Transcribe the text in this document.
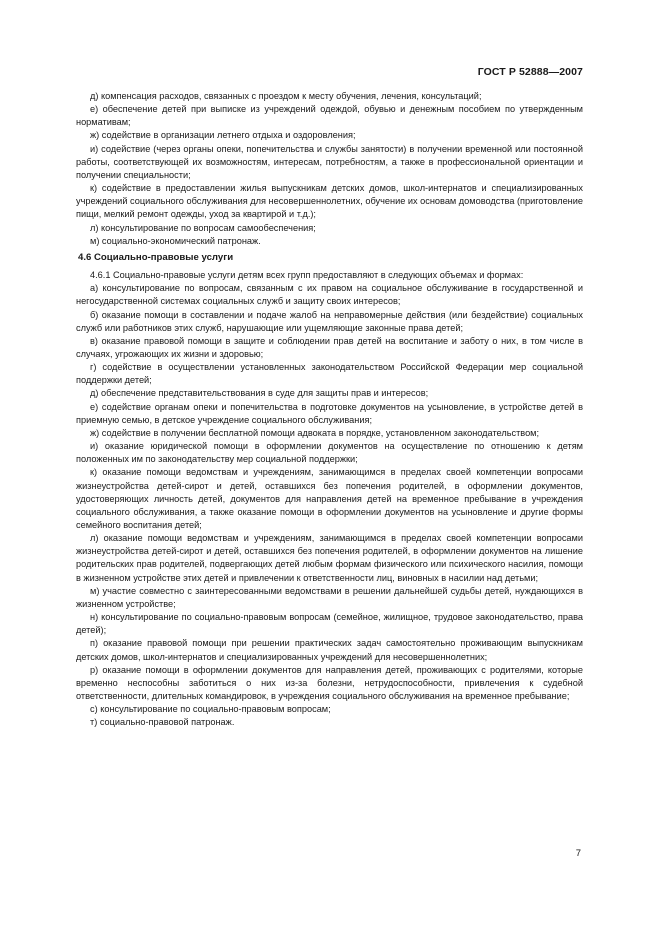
ГОСТ Р 52888—2007

д) компенсация расходов, связанных с проездом к месту обучения, лечения, консультаций;

е) обеспечение детей при выписке из учреждений одеждой, обувью и денежным пособием по утвержденным нормативам;

ж) содействие в организации летнего отдыха и оздоровления;

и) содействие (через органы опеки, попечительства и службы занятости) в получении временной или постоянной работы, соответствующей их возможностям, интересам, потребностям, а также в профессиональной ориентации и получении специальности;

к) содействие в предоставлении жилья выпускникам детских домов, школ-интернатов и специализированных учреждений социального обслуживания для несовершеннолетних, обучение их основам домоводства (приготовление пищи, мелкий ремонт одежды, уход за квартирой и т.д.);

л) консультирование по вопросам самообеспечения;

м) социально-экономический патронаж.

4.6 Социально-правовые услуги

4.6.1 Социально-правовые услуги детям всех групп предоставляют в следующих объемах и формах:

а) консультирование по вопросам, связанным с их правом на социальное обслуживание в государственной и негосударственной системах социальных служб и защиту своих интересов;

б) оказание помощи в составлении и подаче жалоб на неправомерные действия (или бездействие) социальных служб или работников этих служб, нарушающие или ущемляющие законные права детей;

в) оказание правовой помощи в защите и соблюдении прав детей на воспитание и заботу о них, в том числе в случаях, угрожающих их жизни и здоровью;

г) содействие в осуществлении установленных законодательством Российской Федерации мер социальной поддержки детей;

д) обеспечение представительствования в суде для защиты прав и интересов;

е) содействие органам опеки и попечительства в подготовке документов на усыновление, в устройстве детей в приемную семью, в детское учреждение социального обслуживания;

ж) содействие в получении бесплатной помощи адвоката в порядке, установленном законодательством;

и) оказание юридической помощи в оформлении документов на осуществление по отношению к детям положенных им по законодательству мер социальной поддержки;

к) оказание помощи ведомствам и учреждениям, занимающимся в пределах своей компетенции вопросами жизнеустройства детей-сирот и детей, оставшихся без попечения родителей, в оформлении документов, удостоверяющих личность детей, документов для направления детей на временное пребывание в учреждения социального обслуживания, а также оказание помощи в оформлении документов на усыновление и другие формы семейного воспитания детей;

л) оказание помощи ведомствам и учреждениям, занимающимся в пределах своей компетенции вопросами жизнеустройства детей-сирот и детей, оставшихся без попечения родителей, в оформлении документов на лишение родительских прав родителей, подвергающих детей любым формам физического или психического насилия, помощи в жизненном устройстве этих детей и привлечении к ответственности лиц, виновных в насилии над детьми;

м) участие совместно с заинтересованными ведомствами в решении дальнейшей судьбы детей, нуждающихся в жизненном устройстве;

н) консультирование по социально-правовым вопросам (семейное, жилищное, трудовое законодательство, права детей);

п) оказание правовой помощи при решении практических задач самостоятельно проживающим выпускникам детских домов, школ-интернатов и специализированных учреждений для несовершеннолетних;

р) оказание помощи в оформлении документов для направления детей, проживающих с родителями, которые временно неспособны заботиться о них из-за болезни, нетрудоспособности, привлечения к судебной ответственности, длительных командировок, в учреждения социального обслуживания на временное пребывание;

с) консультирование по социально-правовым вопросам;

т) социально-правовой патронаж.

7
